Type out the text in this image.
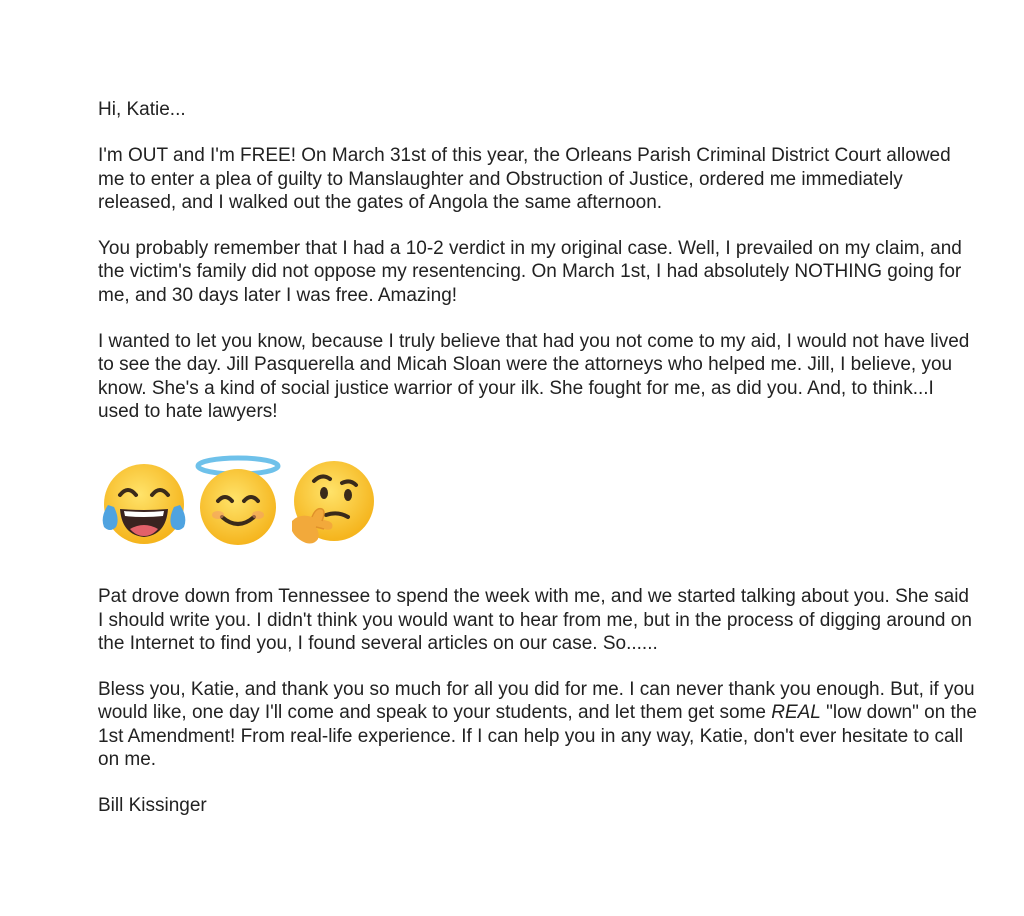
Hi, Katie...

I'm OUT and I'm FREE! On March 31st of this year, the Orleans Parish Criminal District Court allowed me to enter a plea of guilty to Manslaughter and Obstruction of Justice, ordered me immediately released, and I walked out the gates of Angola the same afternoon.

You probably remember that I had a 10-2 verdict in my original case. Well, I prevailed on my claim, and the victim's family did not oppose my resentencing. On March 1st, I had absolutely NOTHING going for me, and 30 days later I was free. Amazing!

I wanted to let you know, because I truly believe that had you not come to my aid, I would not have lived to see the day. Jill Pasquerella and Micah Sloan were the attorneys who helped me. Jill, I believe, you know. She's a kind of social justice warrior of your ilk. She fought for me, as did you. And, to think...I used to hate lawyers!

Pat drove down from Tennessee to spend the week with me, and we started talking about you. She said I should write you. I didn't think you would want to hear from me, but in the process of digging around on the Internet to find you, I found several articles on our case. So......

Bless you, Katie, and thank you so much for all you did for me. I can never thank you enough. But, if you would like, one day I'll come and speak to your students, and let them get some REAL "low down" on the 1st Amendment! From real-life experience. If I can help you in any way, Katie, don't ever hesitate to call on me.

Bill Kissinger
